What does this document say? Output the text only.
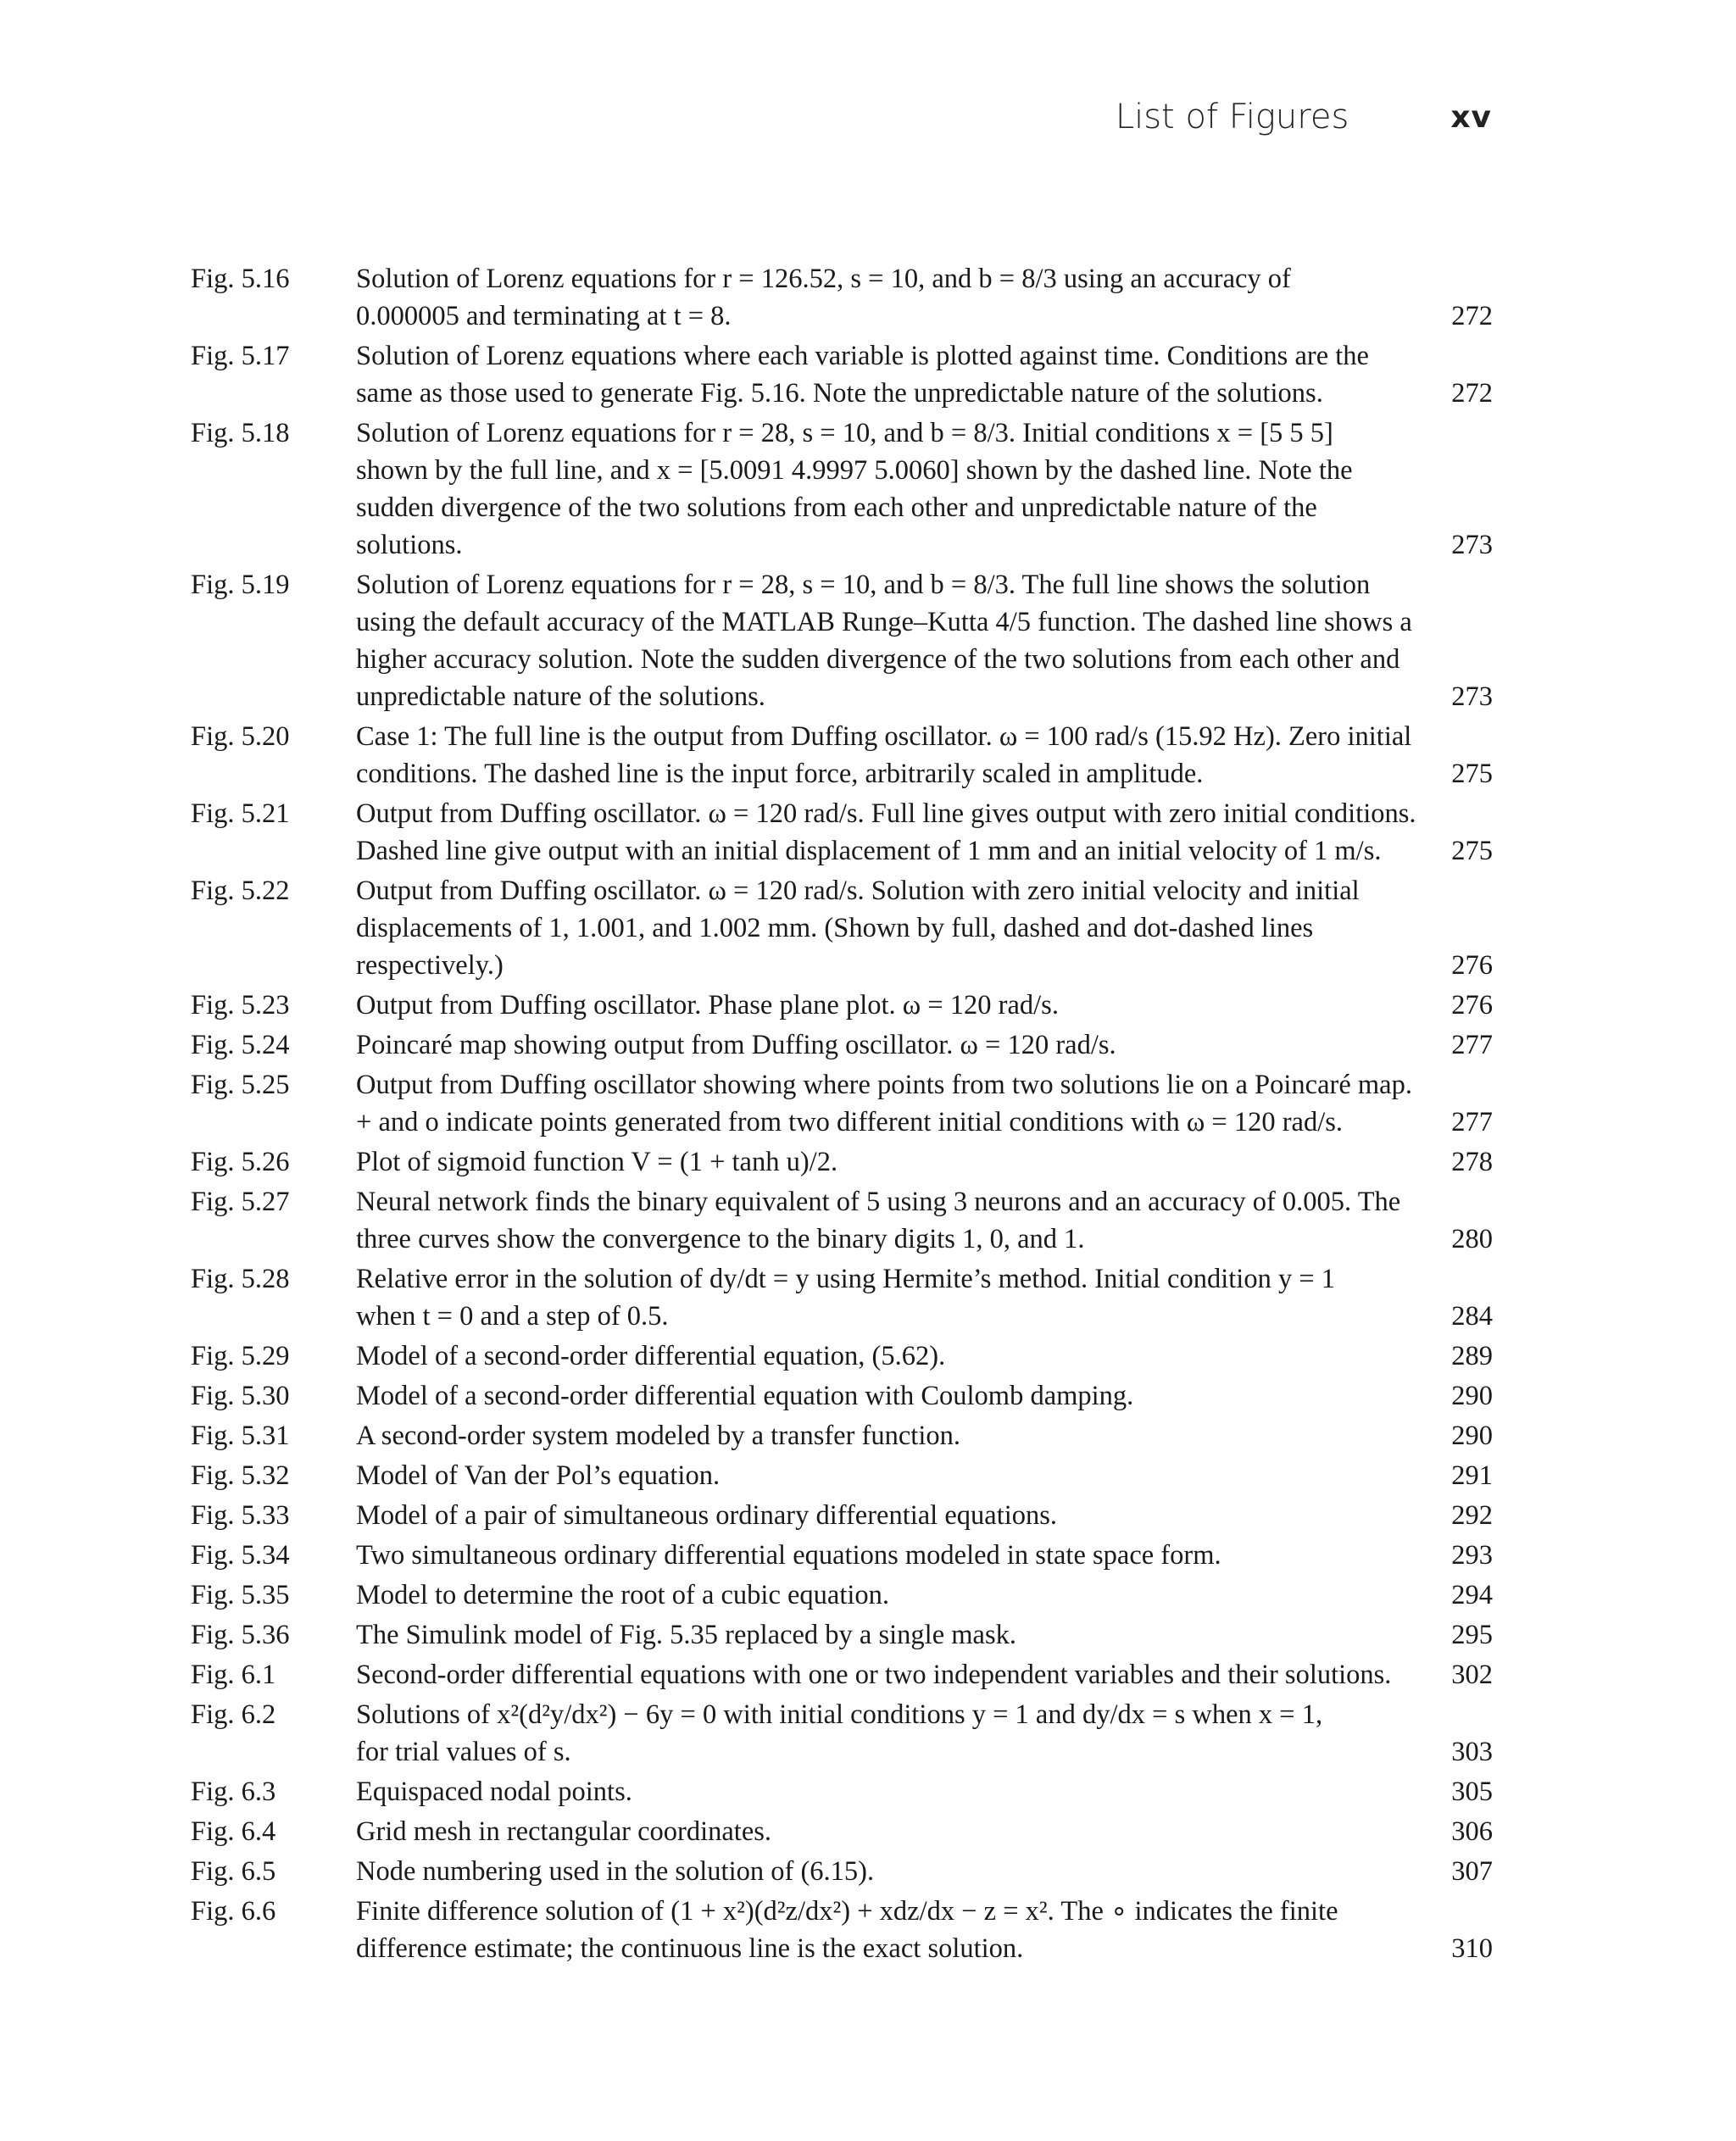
List of Figures	xv
Fig. 5.16	Solution of Lorenz equations for r = 126.52, s = 10, and b = 8/3 using an accuracy of
0.000005 and terminating at t = 8.	272
Fig. 5.17	Solution of Lorenz equations where each variable is plotted against time. Conditions are the
same as those used to generate Fig. 5.16. Note the unpredictable nature of the solutions.	272
Fig. 5.18	Solution of Lorenz equations for r = 28, s = 10, and b = 8/3. Initial conditions x = [5 5 5]
shown by the full line, and x = [5.0091 4.9997 5.0060] shown by the dashed line. Note the
sudden divergence of the two solutions from each other and unpredictable nature of the
solutions.	273
Fig. 5.19	Solution of Lorenz equations for r = 28, s = 10, and b = 8/3. The full line shows the solution
using the default accuracy of the MATLAB Runge–Kutta 4/5 function. The dashed line shows a
higher accuracy solution. Note the sudden divergence of the two solutions from each other and
unpredictable nature of the solutions.	273
Fig. 5.20	Case 1: The full line is the output from Duffing oscillator. ω = 100 rad/s (15.92 Hz). Zero initial
conditions. The dashed line is the input force, arbitrarily scaled in amplitude.	275
Fig. 5.21	Output from Duffing oscillator. ω = 120 rad/s. Full line gives output with zero initial conditions.
Dashed line give output with an initial displacement of 1 mm and an initial velocity of 1 m/s.	275
Fig. 5.22	Output from Duffing oscillator. ω = 120 rad/s. Solution with zero initial velocity and initial
displacements of 1, 1.001, and 1.002 mm. (Shown by full, dashed and dot-dashed lines
respectively.)	276
Fig. 5.23	Output from Duffing oscillator. Phase plane plot. ω = 120 rad/s.	276
Fig. 5.24	Poincaré map showing output from Duffing oscillator. ω = 120 rad/s.	277
Fig. 5.25	Output from Duffing oscillator showing where points from two solutions lie on a Poincaré map.
+ and o indicate points generated from two different initial conditions with ω = 120 rad/s.	277
Fig. 5.26	Plot of sigmoid function V = (1 + tanh u)/2.	278
Fig. 5.27	Neural network finds the binary equivalent of 5 using 3 neurons and an accuracy of 0.005. The
three curves show the convergence to the binary digits 1, 0, and 1.	280
Fig. 5.28	Relative error in the solution of dy/dt = y using Hermite’s method. Initial condition y = 1
when t = 0 and a step of 0.5.	284
Fig. 5.29	Model of a second-order differential equation, (5.62).	289
Fig. 5.30	Model of a second-order differential equation with Coulomb damping.	290
Fig. 5.31	A second-order system modeled by a transfer function.	290
Fig. 5.32	Model of Van der Pol’s equation.	291
Fig. 5.33	Model of a pair of simultaneous ordinary differential equations.	292
Fig. 5.34	Two simultaneous ordinary differential equations modeled in state space form.	293
Fig. 5.35	Model to determine the root of a cubic equation.	294
Fig. 5.36	The Simulink model of Fig. 5.35 replaced by a single mask.	295
Fig. 6.1	Second-order differential equations with one or two independent variables and their solutions.	302
Fig. 6.2	Solutions of x²(d²y/dx²) − 6y = 0 with initial conditions y = 1 and dy/dx = s when x = 1,
for trial values of s.	303
Fig. 6.3	Equispaced nodal points.	305
Fig. 6.4	Grid mesh in rectangular coordinates.	306
Fig. 6.5	Node numbering used in the solution of (6.15).	307
Fig. 6.6	Finite difference solution of (1 + x²)(d²z/dx²) + xdz/dx − z = x². The ∘ indicates the finite
difference estimate; the continuous line is the exact solution.	310
